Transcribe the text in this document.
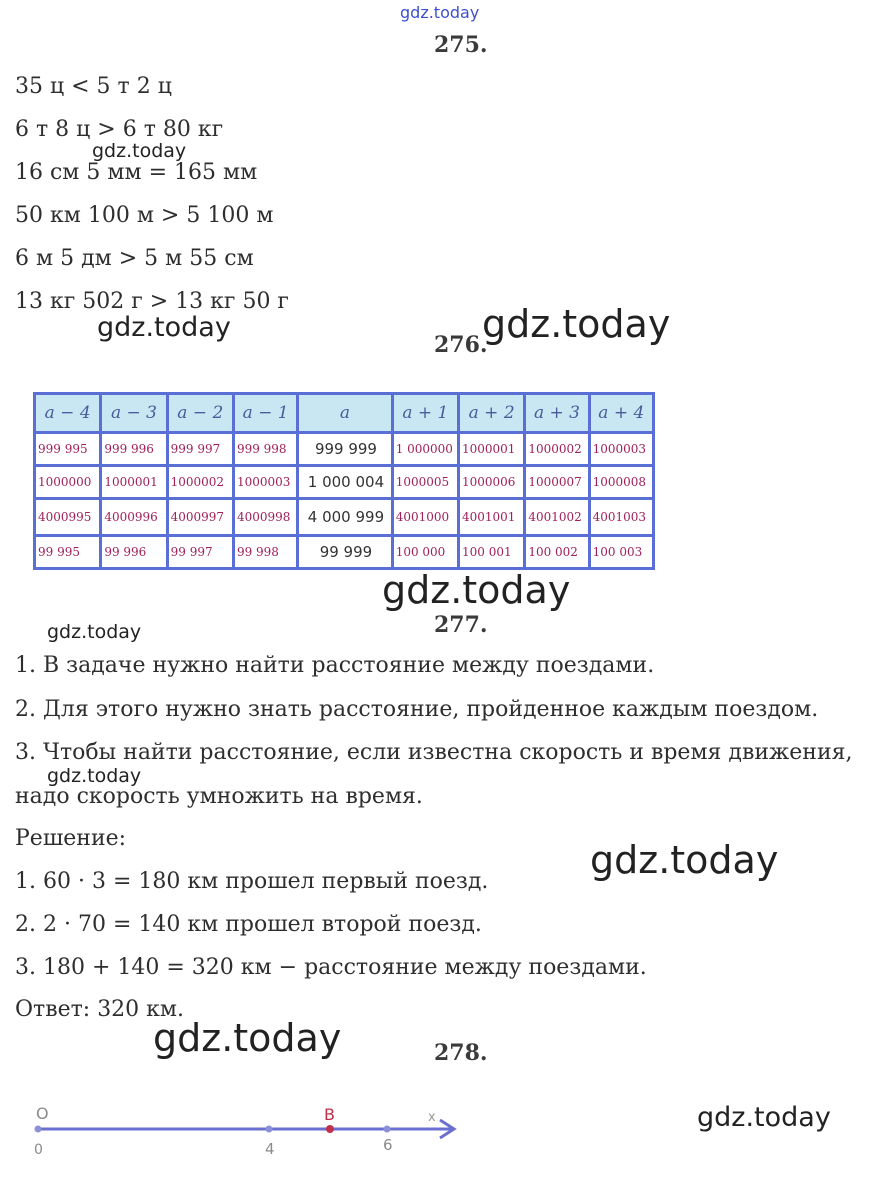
gdz.today
gdz.today
gdz.today	gdz.today
gdz.today
gdz.today
gdz.today
gdz.today
gdz.today
gdz.today
275.
35 ц < 5 т 2 ц
6 т 8 ц > 6 т 80 кг
16 см 5 мм = 165 мм
50 км 100 м > 5 100 м
6 м 5 дм > 5 м 55 см
13 кг 502 г > 13 кг 50 г
276.
a − 4	a − 3	a − 2	a − 1	a	a + 1	a + 2	a + 3	a + 4
999 995	999 996	999 997	999 998	999 999	1 000000	1000001	1000002	1000003
1000000	1000001	1000002	1000003	1 000 004	1000005	1000006	1000007	1000008
4000995	4000996	4000997	4000998	4 000 999	4001000	4001001	4001002	4001003
99 995	99 996	99 997	99 998	99 999	100 000	100 001	100 002	100 003
277.
1. В задаче нужно найти расстояние между поездами.
2. Для этого нужно знать расстояние, пройденное каждым поездом.
3. Чтобы найти расстояние, если известна скорость и время движения,
надо скорость умножить на время.
Решение:
1. 60 · 3 = 180 км прошел первый поезд.
2. 2 · 70 = 140 км прошел второй поезд.
3. 180 + 140 = 320 км − расстояние между поездами.
Ответ: 320 км.
278.
O	B	x
0	4	6
